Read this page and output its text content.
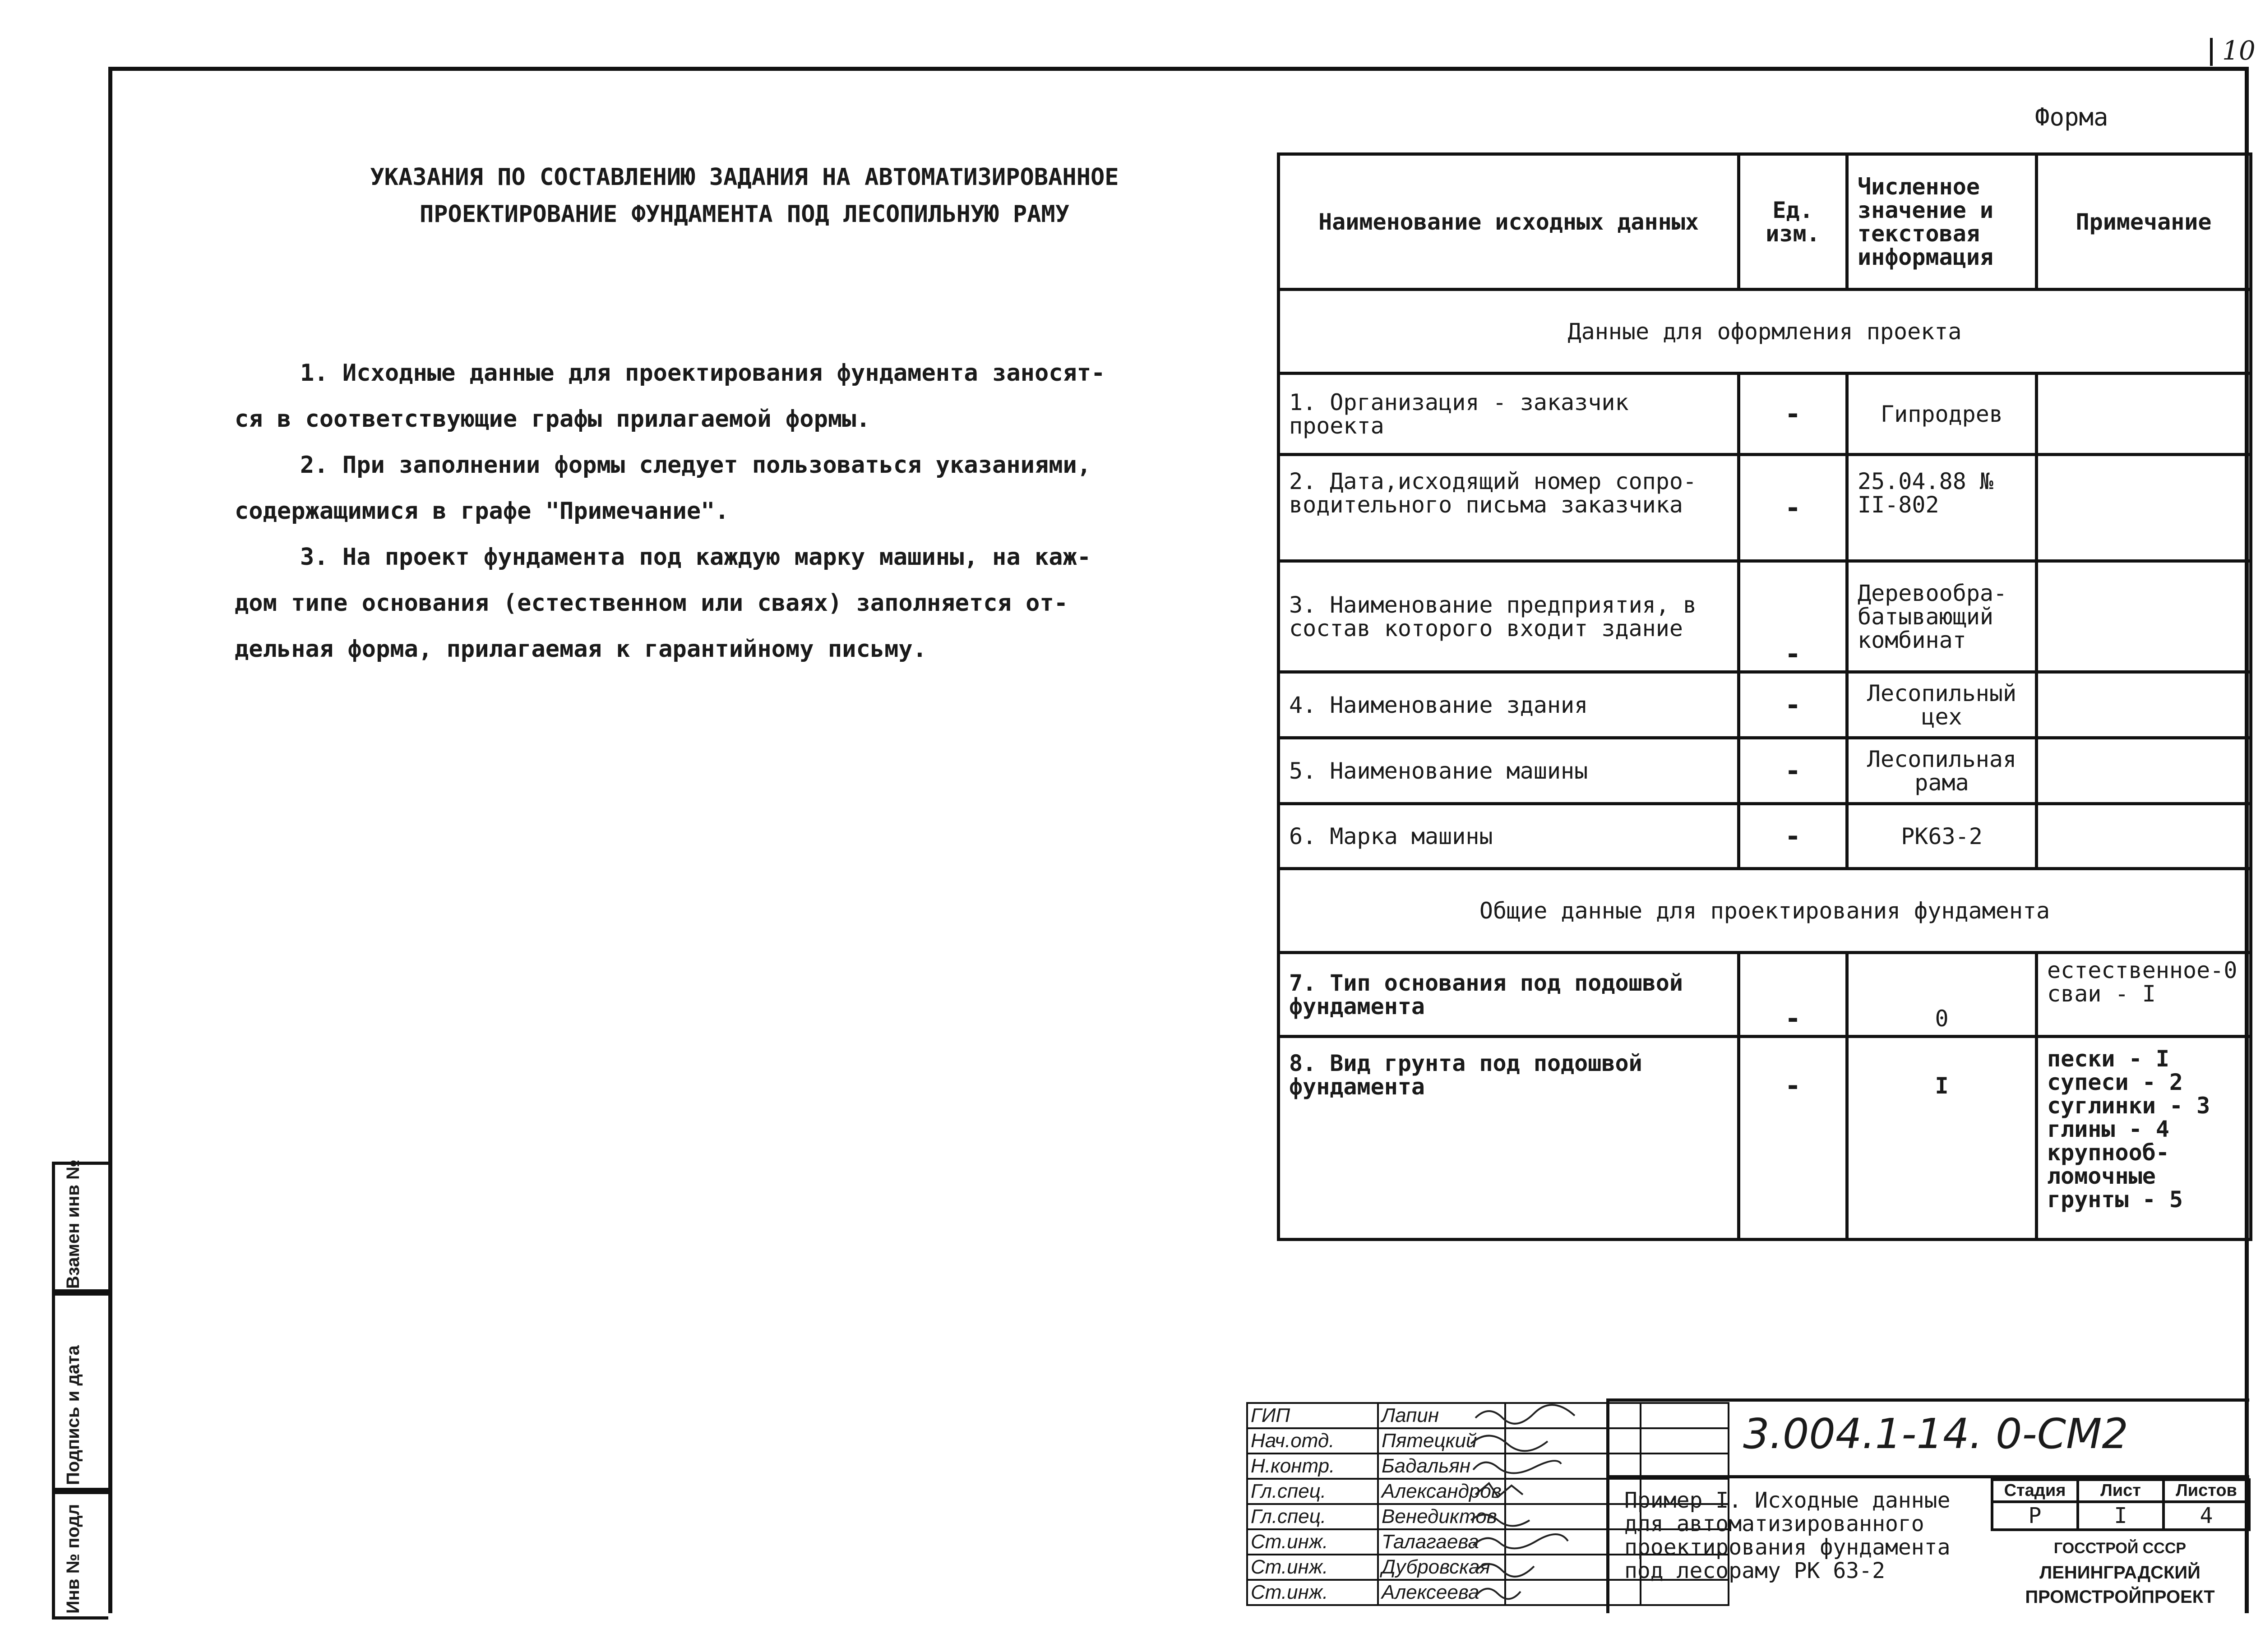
10
Форма
УКАЗАНИЯ ПО СОСТАВЛЕНИЮ ЗАДАНИЯ НА АВТОМАТИЗИРОВАННОЕ
ПРОЕКТИРОВАНИЕ ФУНДАМЕНТА ПОД ЛЕСОПИЛЬНУЮ РАМУ
1. Исходные данные для проектирования фундамента заносят-
ся в соответствующие графы прилагаемой формы.
2. При заполнении формы следует пользоваться указаниями,
содержащимися в графе "Примечание".
3. На проект фундамента под каждую марку машины, на каж-
дом типе основания (естественном или сваях) заполняется от-
дельная форма, прилагаемая к гарантийному письму.
Наименование исходных данных	Ед. изм.	Численное значение и текстовая информация	Примечание
Данные для оформления проекта			
1. Организация - заказчик проекта	-	Гипродрев	
2. Дата,исходящий номер сопро-водительного письма заказчика	-	25.04.88 № II-802	
3. Наименование предприятия, в состав которого входит здание	-	Деревообра-батывающий комбинат	
4. Наименование здания	-	Лесопильный цех	
5. Наименование машины	-	Лесопильная рама	
6. Марка машины	-	РК63-2	
Общие данные для проектирования фундамента			
7. Тип основания под подошвой фундамента	-	0	естественное-0 сваи - I
8. Вид грунта под подошвой фундамента	-	I	пески - I супеси - 2 суглинки - 3 глины - 4 крупнооб-ломочные грунты - 5
Взамен инв №
Подпись и дата
Инв № подл
ГИП	Лапин		
Нач.отд.	Пятецкий		
Н.контр.	Бадальян		
Гл.спец.	Александров		
Гл.спец.	Венедиктов		
Ст.инж.	Талагаева		
Ст.инж.	Дубровская		
Ст.инж.	Алексеева		
3.004.1-14. 0-СМ2
Пример I. Исходные данные для автоматизированного проектирования фундамента под лесораму РК 63-2
Стадия	Лист	Листов
Р	I	4
ГОССТРОЙ СССР
ЛЕНИНГРАДСКИЙ
ПРОМСТРОЙПРОЕКТ
